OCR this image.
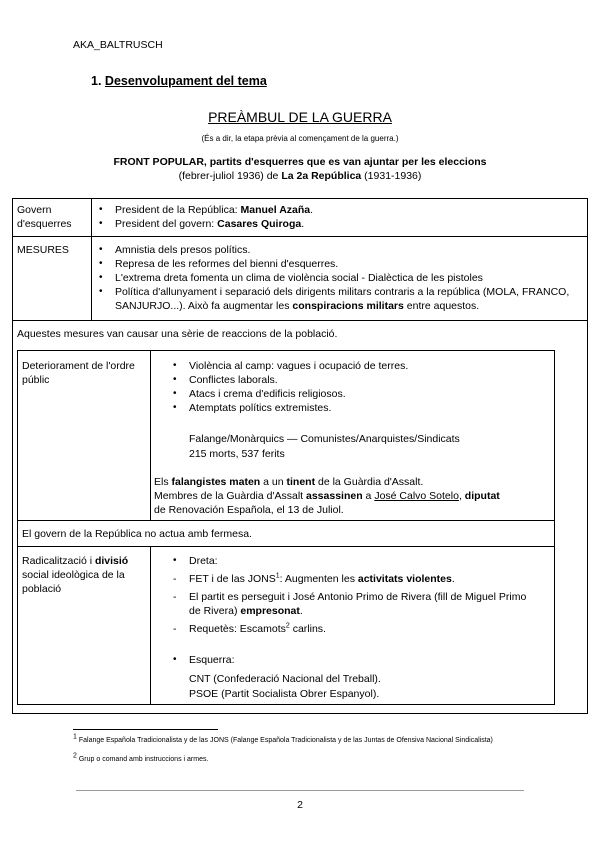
AKA_BALTRUSCH
1. Desenvolupament del tema
PREÀMBUL DE LA GUERRA
(És a dir, la etapa prèvia al començament de la guerra.)
FRONT POPULAR, partits d'esquerres que es van ajuntar per les eleccions
(febrer-juliol 1936) de La 2a República (1931-1936)
Govern d'esquerres
• President de la República: Manuel Azaña.
• President del govern: Casares Quiroga.
MESURES
•	Amnistia dels presos polítics.
• Represa de les reformes del bienni d'esquerres.
• L'extrema dreta fomenta un clima de violència social - Dialèctica de les pistoles
• Política d'allunyament i separació dels dirigents militars contraris a la república (MOLA, FRANCO, SANJURJO...). Això fa augmentar les conspiracions militars entre aquestos.
Aquestes mesures van causar una sèrie de reaccions de la població.
Deteriorament de l'ordre públic
• Violència al camp: vagues i ocupació de terres.
• Conflictes laborals.
• Atacs i crema d'edificis religiosos.
• Atemptats polítics extremistes.
Falange/Monàrquics — Comunistes/Anarquistes/Sindicats
215 morts, 537 ferits
Els falangistes maten a un tinent de la Guàrdia d'Assalt.
Membres de la Guàrdia d'Assalt assassinen a José Calvo Sotelo, diputat
de Renovación Española, el 13 de Juliol.
El govern de la República no actua amb fermesa.
Radicalització i divisió social ideològica de la població
• Dreta:
- FET i de las JONS$^1$: Augmenten les activitats violentes.
- El partit es perseguit i José Antonio Primo de Rivera (fill de Miguel Primo de Rivera) empresonat.
- Requetès: Escamots$^2$ carlins.
• Esquerra:
CNT (Confederació Nacional del Treball).
PSOE (Partit Socialista Obrer Espanyol).
$^1$ Falange Española Tradicionalista y de las JONS (Falange Española Tradicionalista y de las Juntas de Ofensiva Nacional Sindicalista)
$^2$ Grup o comand amb instruccions i armes.
2
